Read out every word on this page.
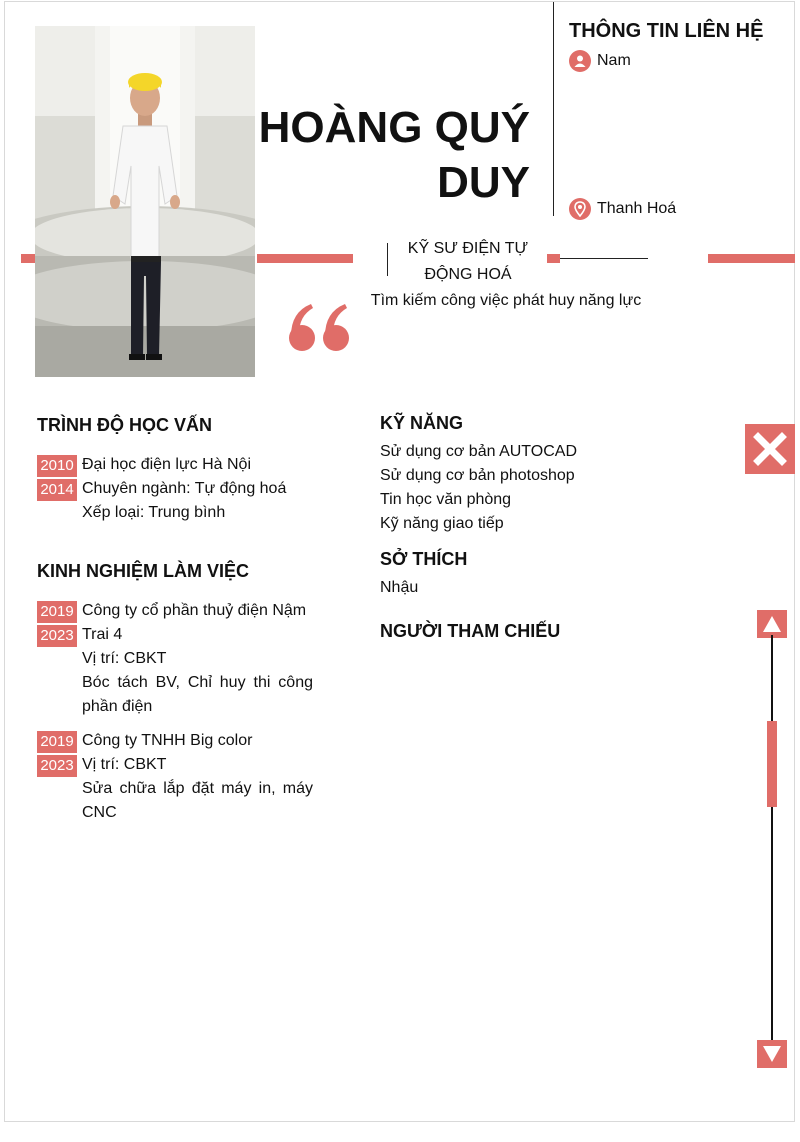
HOÀNG QUÝ DUY
THÔNG TIN LIÊN HỆ
Nam
Thanh Hoá
KỸ SƯ ĐIỆN TỰ ĐỘNG HOÁ
Tìm kiếm công việc phát huy năng lực
TRÌNH ĐỘ HỌC VẤN
2010
2014
Đại học điện lực Hà Nội
Chuyên ngành: Tự động hoá
Xếp loại: Trung bình
KINH NGHIỆM LÀM VIỆC
2019
2023
Công ty cổ phần thuỷ điện Nậm
Trai 4
Vị trí: CBKT
Bóc tách BV, Chỉ huy thi công
phần điện
2019
2023
Công ty TNHH Big color
Vị trí: CBKT
Sửa chữa lắp đặt máy in, máy
CNC
KỸ NĂNG
Sử dụng cơ bản AUTOCAD
Sử dụng cơ bản photoshop
Tin học văn phòng
Kỹ năng giao tiếp
SỞ THÍCH
Nhậu
NGƯỜI THAM CHIẾU
